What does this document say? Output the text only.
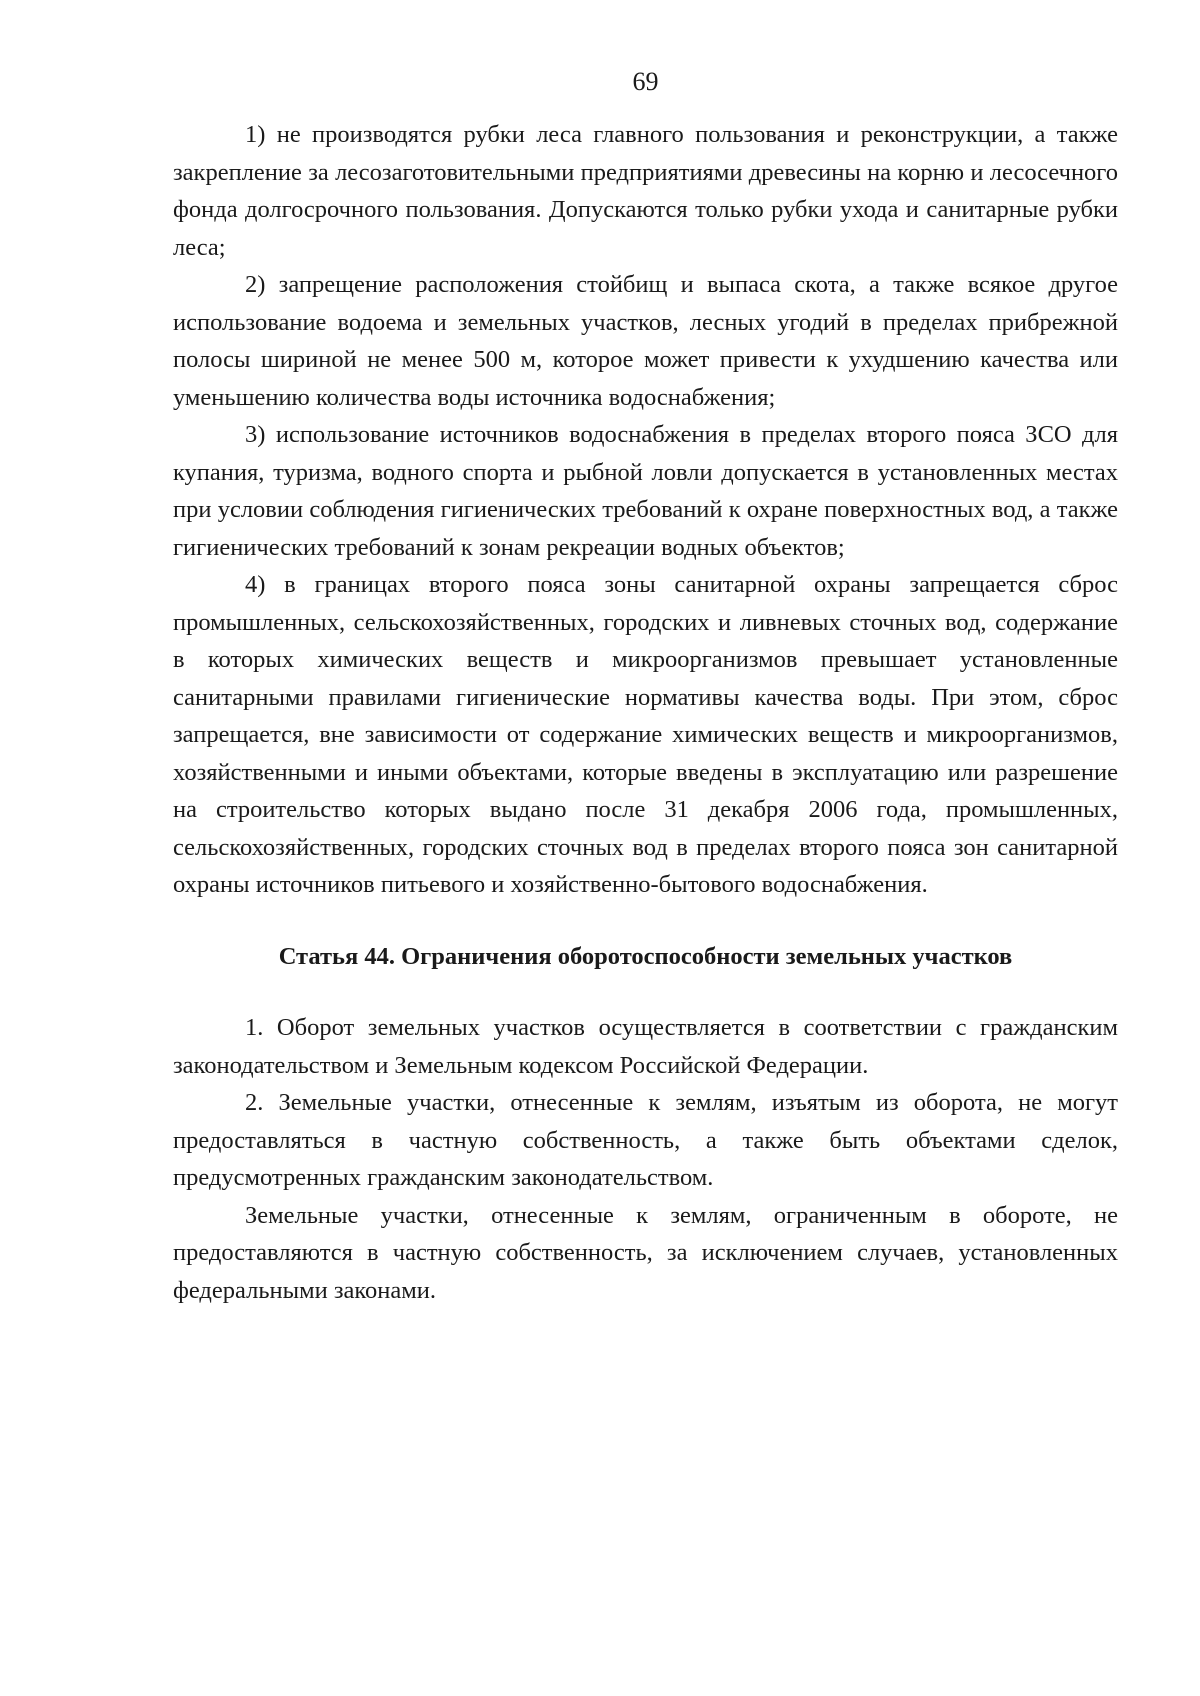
69

1) не производятся рубки леса главного пользования и реконструкции, а также закрепление за лесозаготовительными предприятиями древесины на корню и лесосечного фонда долгосрочного пользования. Допускаются только рубки ухода и санитарные рубки леса;

2) запрещение расположения стойбищ и выпаса скота, а также всякое другое использование водоема и земельных участков, лесных угодий в пределах прибрежной полосы шириной не менее 500 м, которое может привести к ухудшению качества или уменьшению количества воды источника водоснабжения;

3) использование источников водоснабжения в пределах второго пояса ЗСО для купания, туризма, водного спорта и рыбной ловли допускается в установленных местах при условии соблюдения гигиенических требований к охране поверхностных вод, а также гигиенических требований к зонам рекреации водных объектов;

4) в границах второго пояса зоны санитарной охраны запрещается сброс промышленных, сельскохозяйственных, городских и ливневых сточных вод, содержание в которых химических веществ и микроорганизмов превышает установленные санитарными правилами гигиенические нормативы качества воды. При этом, сброс запрещается, вне зависимости от содержание химических веществ и микроорганизмов, хозяйственными и иными объектами, которые введены в эксплуатацию или разрешение на строительство которых выдано после 31 декабря 2006 года, промышленных, сельскохозяйственных, городских сточных вод в пределах второго пояса зон санитарной охраны источников питьевого и хозяйственно-бытового водоснабжения.

Статья 44. Ограничения оборотоспособности земельных участков

1. Оборот земельных участков осуществляется в соответствии с гражданским законодательством и Земельным кодексом Российской Федерации.

2. Земельные участки, отнесенные к землям, изъятым из оборота, не могут предоставляться в частную собственность, а также быть объектами сделок, предусмотренных гражданским законодательством.

Земельные участки, отнесенные к землям, ограниченным в обороте, не предоставляются в частную собственность, за исключением случаев, установленных федеральными законами.
